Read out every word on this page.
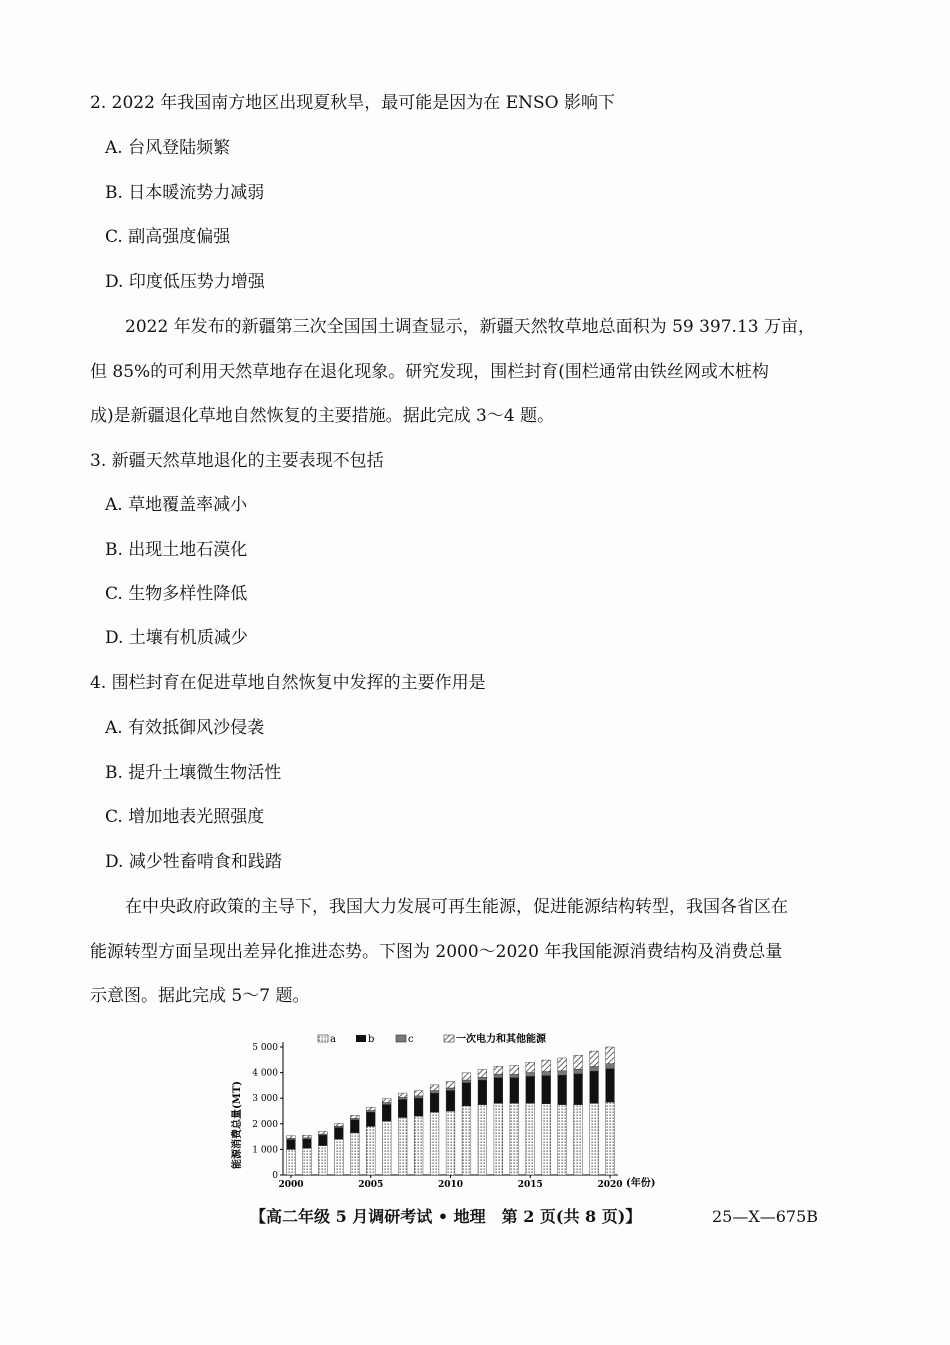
2. 2022 年我国南方地区出现夏秋旱，最可能是因为在 ENSO 影响下
A. 台风登陆频繁
B. 日本暖流势力减弱
C. 副高强度偏强
D. 印度低压势力增强
2022 年发布的新疆第三次全国国土调查显示，新疆天然牧草地总面积为 59 397.13 万亩，
但 85%的可利用天然草地存在退化现象。研究发现，围栏封育(围栏通常由铁丝网或木桩构
成)是新疆退化草地自然恢复的主要措施。据此完成 3～4 题。
3. 新疆天然草地退化的主要表现不包括
A. 草地覆盖率减小
B. 出现土地石漠化
C. 生物多样性降低
D. 土壤有机质减少
4. 围栏封育在促进草地自然恢复中发挥的主要作用是
A. 有效抵御风沙侵袭
B. 提升土壤微生物活性
C. 增加地表光照强度
D. 减少牲畜啃食和践踏
在中央政府政策的主导下，我国大力发展可再生能源，促进能源结构转型，我国各省区在
能源转型方面呈现出差异化推进态势。下图为 2000～2020 年我国能源消费结构及消费总量
示意图。据此完成 5～7 题。
0
1 000
2 000
3 000
4 000
5 000
2000	2005	2010	2015	2020
能源消费总量(MT)
(年份)
a	b	c	一次电力和其他能源
【高二年级 5 月调研考试 • 地理　第 2 页(共 8 页)】	25—X—675B
